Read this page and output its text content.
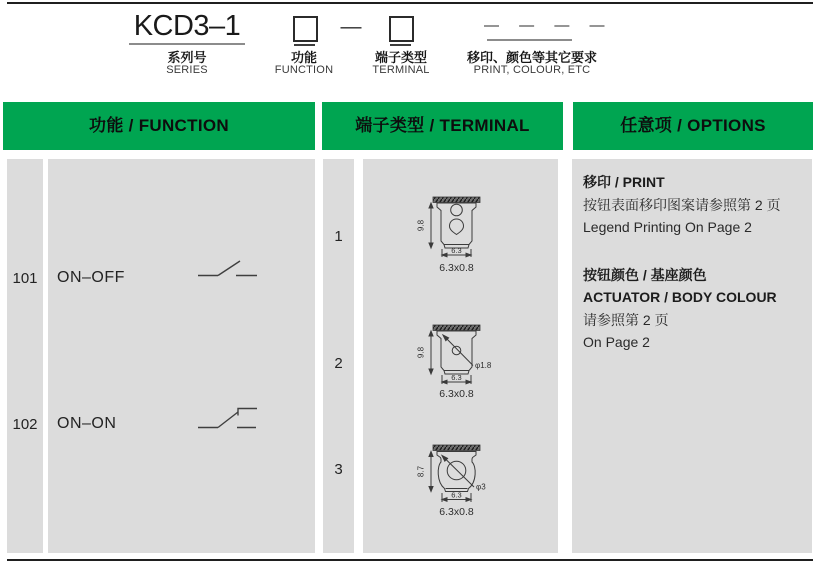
KCD3–1
系列号
SERIES
功能
FUNCTION
—
端子类型
TERMINAL
— — — —
移印、颜色等其它要求
PRINT, COLOUR, ETC
功能 / FUNCTION	端子类型 / TERMINAL	任意项 / OPTIONS
101	ON–OFF
102	ON–ON
1
2
3
9.8
6.3
6.3x0.8
9.8
φ1.8
6.3
6.3x0.8
8.7
φ3
6.3
6.3x0.8

移印 / PRINT

按钮表面移印图案请参照第 2 页

Legend Printing On Page 2

按钮颜色 / 基座颜色

ACTUATOR / BODY COLOUR

请参照第 2 页

On Page 2
